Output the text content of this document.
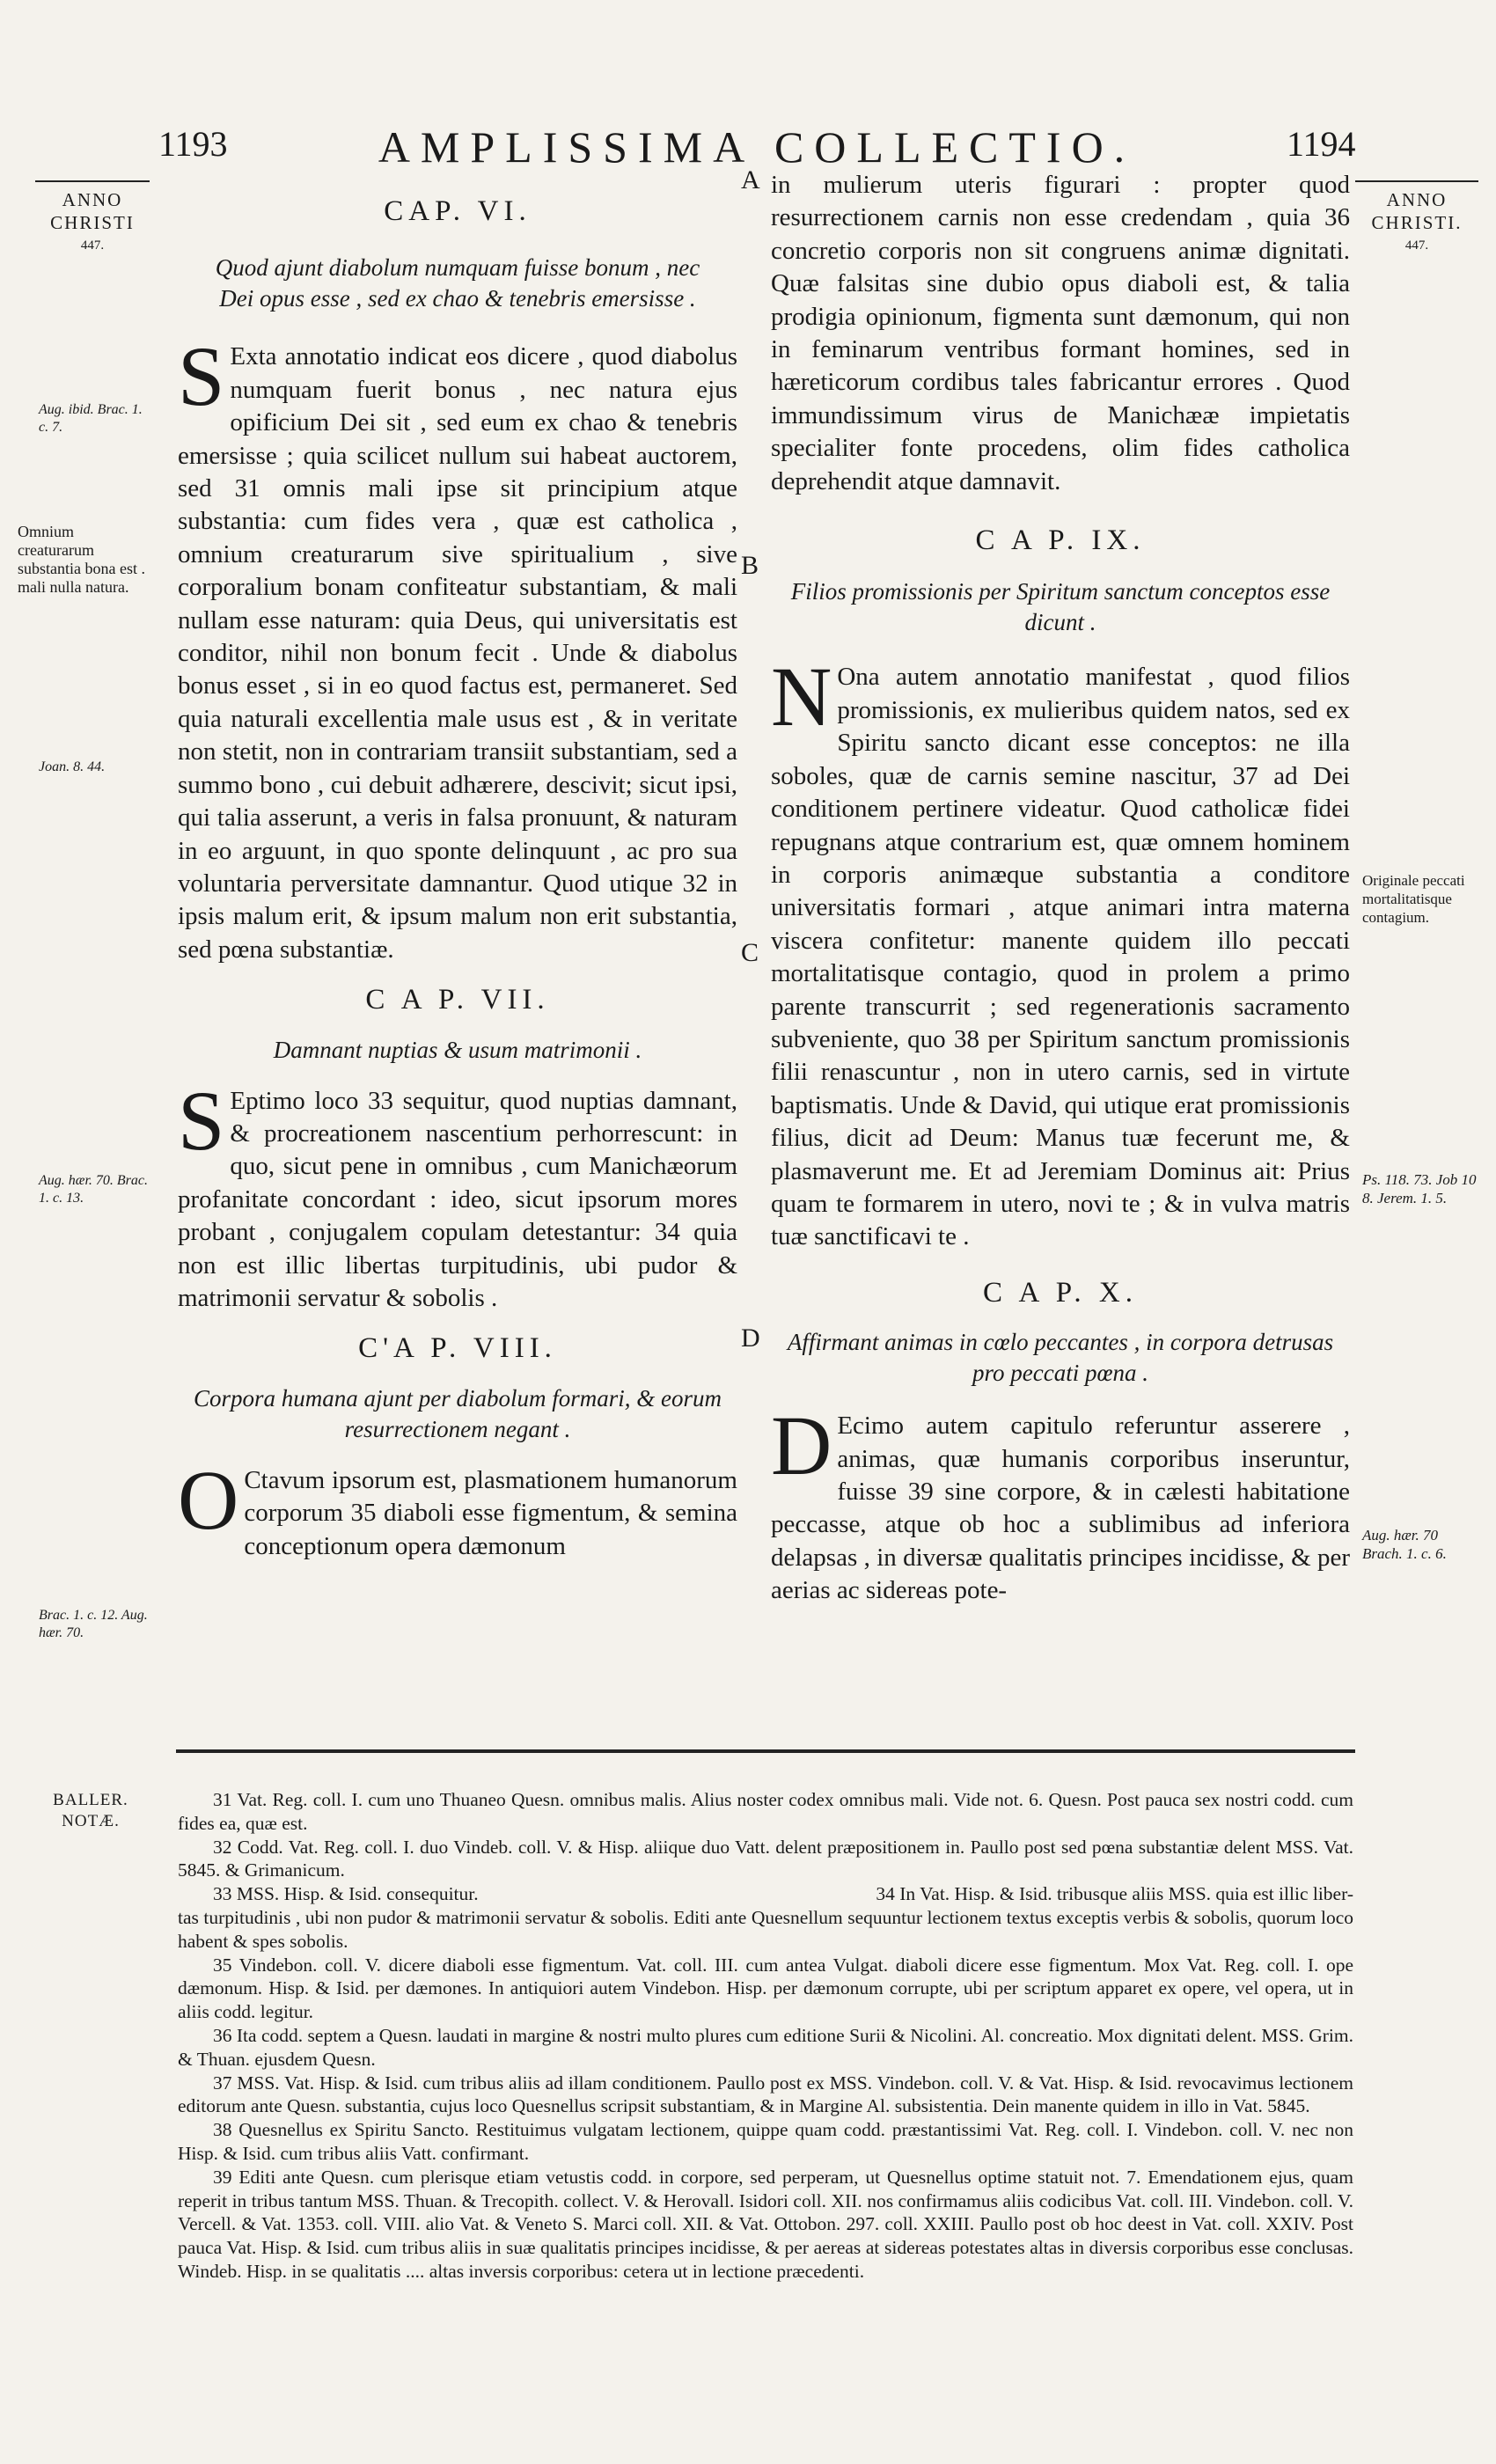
1193	AMPLISSIMA COLLECTIO.	1194
ANNO
CHRISTI
447.
ANNO
CHRISTI.
447.
Aug. ibid. Brac. 1. c. 7.
Omnium creaturarum substantia bona est . mali nulla natura.
Joan. 8. 44.
Aug. hær. 70. Brac. 1. c. 13.
Brac. 1. c. 12. Aug. hær. 70.
Originale peccati mortalitatisque contagium.
Ps. 118. 73. Job 10 8. Jerem. 1. 5.
Aug. hær. 70 Brach. 1. c. 6.
A
B
C
D

CAP. VI.

Quod ajunt diabolum numquam fuisse bonum , nec Dei opus esse , sed ex chao & tenebris emersisse .

SExta annotatio indicat eos dicere , quod diabolus numquam fuerit bonus , nec natura ejus opificium Dei sit , sed eum ex chao & tenebris emersisse ; quia scilicet nullum sui habeat auctorem, sed 31 omnis mali ipse sit principium atque substantia: cum fides vera , quæ est catholica , omnium creaturarum sive spiritualium , sive corporalium bonam confiteatur substantiam, & mali nullam esse naturam: quia Deus, qui universitatis est conditor, nihil non bonum fecit . Unde & diabolus bonus esset , si in eo quod factus est, permaneret. Sed quia naturali excellentia male usus est , & in veritate non stetit, non in contrariam transiit substantiam, sed a summo bono , cui debuit adhærere, descivit; sicut ipsi, qui talia asserunt, a veris in falsa pronuunt, & naturam in eo arguunt, in quo sponte delinquunt , ac pro sua voluntaria perversitate damnantur. Quod utique 32 in ipsis malum erit, & ipsum malum non erit substantia, sed pœna substantiæ.

C A P. VII.

Damnant nuptias & usum matrimonii .

SEptimo loco 33 sequitur, quod nuptias damnant, & procreationem nascentium perhorrescunt: in quo, sicut pene in omnibus , cum Manichæorum profanitate concordant : ideo, sicut ipsorum mores probant , conjugalem copulam detestantur: 34 quia non est illic libertas turpitudinis, ubi pudor & matrimonii servatur & sobolis .

C'A P. VIII.

Corpora humana ajunt per diabolum formari, & eorum resurrectionem negant .

OCtavum ipsorum est, plasmationem humanorum corporum 35 diaboli esse figmentum, & semina conceptionum opera dæmonum

in mulierum uteris figurari : propter quod resurrectionem carnis non esse credendam , quia 36 concretio corporis non sit congruens animæ dignitati. Quæ falsitas sine dubio opus diaboli est, & talia prodigia opinionum, figmenta sunt dæmonum, qui non in feminarum ventribus formant homines, sed in hæreticorum cordibus tales fabricantur errores . Quod immundissimum virus de Manichææ impietatis specialiter fonte procedens, olim fides catholica deprehendit atque damnavit.

C A P. IX.

Filios promissionis per Spiritum sanctum conceptos esse dicunt .

NOna autem annotatio manifestat , quod filios promissionis, ex mulieribus quidem natos, sed ex Spiritu sancto dicant esse conceptos: ne illa soboles, quæ de carnis semine nascitur, 37 ad Dei conditionem pertinere videatur. Quod catholicæ fidei repugnans atque contrarium est, quæ omnem hominem in corporis animæque substantia a conditore universitatis formari , atque animari intra materna viscera confitetur: manente quidem illo peccati mortalitatisque contagio, quod in prolem a primo parente transcurrit ; sed regenerationis sacramento subveniente, quo 38 per Spiritum sanctum promissionis filii renascuntur , non in utero carnis, sed in virtute baptismatis. Unde & David, qui utique erat promissionis filius, dicit ad Deum: Manus tuæ fecerunt me, & plasmaverunt me. Et ad Jeremiam Dominus ait: Prius quam te formarem in utero, novi te ; & in vulva matris tuæ sanctificavi te .

C A P. X.

Affirmant animas in cœlo peccantes , in corpora detrusas pro peccati pœna .

DEcimo autem capitulo referuntur asserere , animas, quæ humanis corporibus inseruntur, fuisse 39 sine corpore, & in cælesti habitatione peccasse, atque ob hoc a sublimibus ad inferiora delapsas , in diversæ qualitatis principes incidisse, & per aerias ac sidereas pote-

BALLER.
NOTÆ.

31 Vat. Reg. coll. I. cum uno Thuaneo Quesn. omnibus malis. Alius noster codex omnibus mali. Vide not. 6. Quesn. Post pauca sex nostri codd. cum fides ea, quæ est.

32 Codd. Vat. Reg. coll. I. duo Vindeb. coll. V. & Hisp. aliique duo Vatt. delent præpositionem in. Paullo post sed pœna substantiæ delent MSS. Vat. 5845. & Grimanicum.

33 MSS. Hisp. & Isid. consequitur.	34 In Vat. Hisp. & Isid. tribusque aliis MSS. quia est illic liber-

tas turpitudinis , ubi non pudor & matrimonii servatur & sobolis. Editi ante Quesnellum sequuntur lectionem textus exceptis verbis & sobolis, quorum loco habent & spes sobolis.

35 Vindebon. coll. V. dicere diaboli esse figmentum. Vat. coll. III. cum antea Vulgat. diaboli dicere esse figmentum. Mox Vat. Reg. coll. I. ope dæmonum. Hisp. & Isid. per dæmones. In antiquiori autem Vindebon. Hisp. per dæmonum corrupte, ubi per scriptum apparet ex opere, vel opera, ut in aliis codd. legitur.

36 Ita codd. septem a Quesn. laudati in margine & nostri multo plures cum editione Surii & Nicolini. Al. concreatio. Mox dignitati delent. MSS. Grim. & Thuan. ejusdem Quesn.

37 MSS. Vat. Hisp. & Isid. cum tribus aliis ad illam conditionem. Paullo post ex MSS. Vindebon. coll. V. & Vat. Hisp. & Isid. revocavimus lectionem editorum ante Quesn. substantia, cujus loco Quesnellus scripsit substantiam, & in Margine Al. subsistentia. Dein manente quidem in illo in Vat. 5845.

38 Quesnellus ex Spiritu Sancto. Restituimus vulgatam lectionem, quippe quam codd. præstantissimi Vat. Reg. coll. I. Vindebon. coll. V. nec non Hisp. & Isid. cum tribus aliis Vatt. confirmant.

39 Editi ante Quesn. cum plerisque etiam vetustis codd. in corpore, sed perperam, ut Quesnellus optime statuit not. 7. Emendationem ejus, quam reperit in tribus tantum MSS. Thuan. & Trecopith. collect. V. & Herovall. Isidori coll. XII. nos confirmamus aliis codicibus Vat. coll. III. Vindebon. coll. V. Vercell. & Vat. 1353. coll. VIII. alio Vat. & Veneto S. Marci coll. XII. & Vat. Ottobon. 297. coll. XXIII. Paullo post ob hoc deest in Vat. coll. XXIV. Post pauca Vat. Hisp. & Isid. cum tribus aliis in suæ qualitatis principes incidisse, & per aereas at sidereas potestates altas in diversis corporibus esse conclusas. Windeb. Hisp. in se qualitatis .... altas inversis corporibus: cetera ut in lectione præcedenti.
